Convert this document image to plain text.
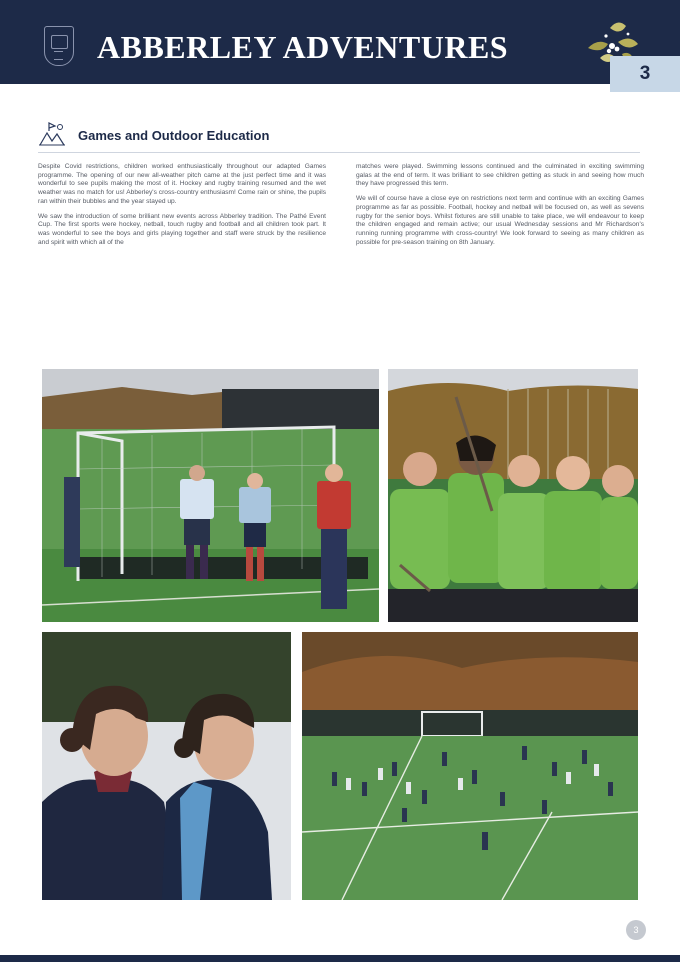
ABBERLEY ADVENTURES
3
Games and Outdoor Education

Despite Covid restrictions, children worked enthusiastically throughout our adapted Games programme. The opening of our new all-weather pitch came at the just perfect time and it was wonderful to see pupils making the most of it. Hockey and rugby training resumed and the wet weather was no match for us! Abberley's cross-country enthusiasm! Come rain or shine, the pupils ran within their bubbles and the year stayed up.

We saw the introduction of some brilliant new events across Abberley tradition. The Pathé Event Cup. The first sports were hockey, netball, touch rugby and football and all children took part. It was wonderful to see the boys and girls playing together and staff were struck by the resilience and spirit with which all of the

matches were played. Swimming lessons continued and the culminated in exciting swimming galas at the end of term. It was brilliant to see children getting as stuck in and seeing how much they have progressed this term.

We will of course have a close eye on restrictions next term and continue with an exciting Games programme as far as possible. Football, hockey and netball will be focused on, as well as sevens rugby for the senior boys. Whilst fixtures are still unable to take place, we will endeavour to keep the children engaged and remain active; our usual Wednesday sessions and Mr Richardson's running running programme with cross-country! We look forward to seeing as many children as possible for pre-season training on 8th January.

3
